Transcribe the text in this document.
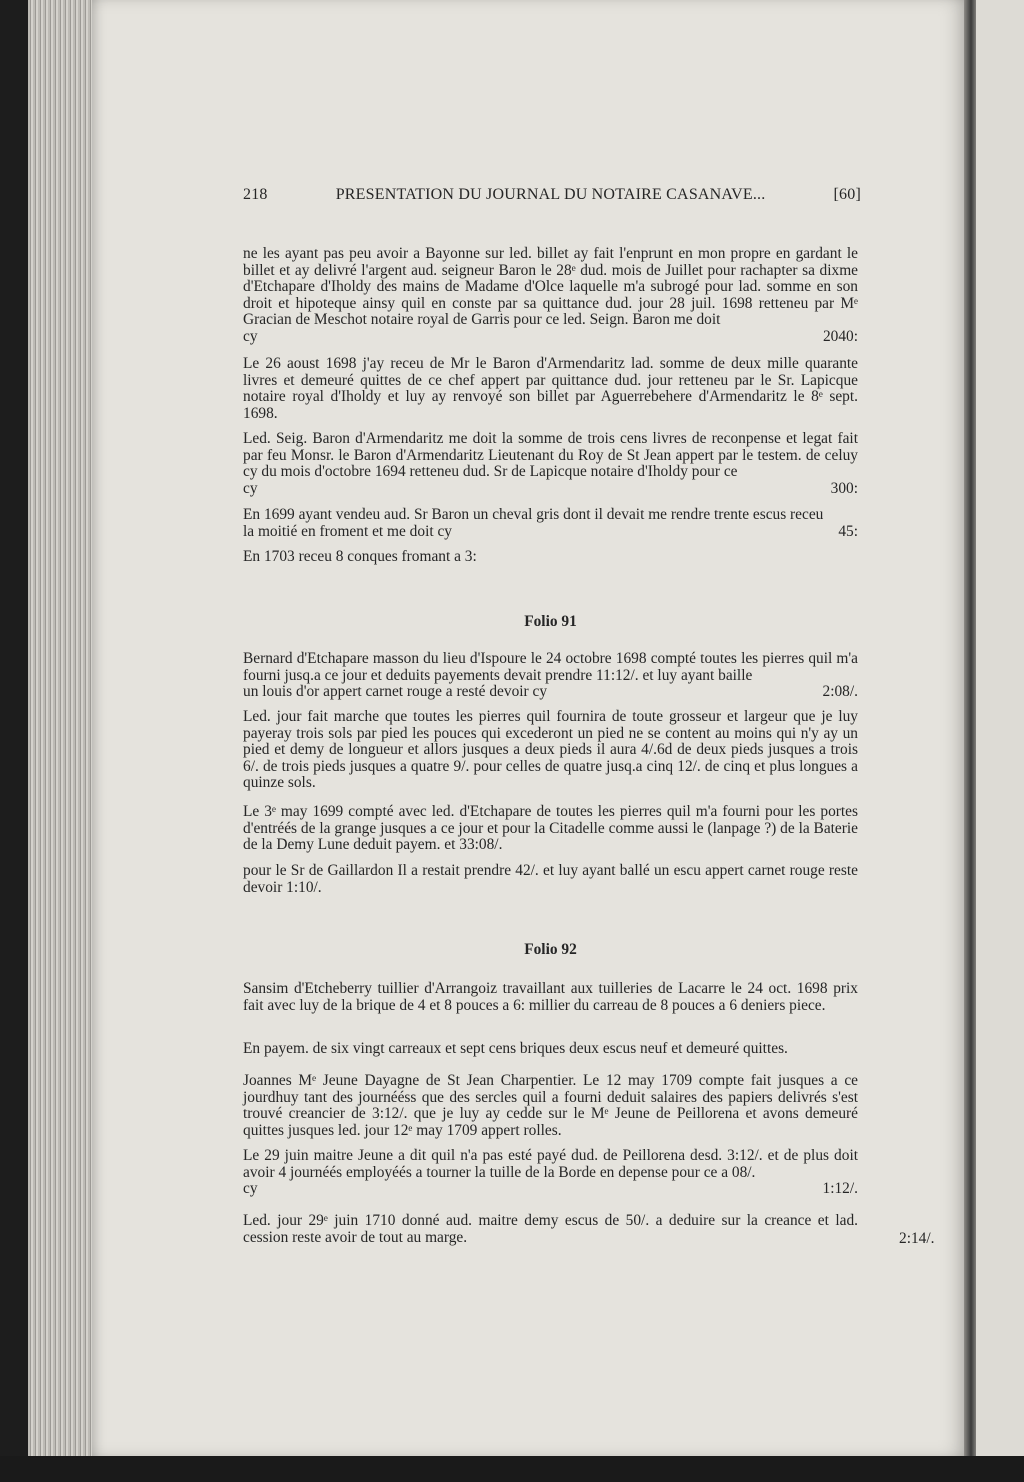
218	PRESENTATION DU JOURNAL DU NOTAIRE CASANAVE...	[60]
ne les ayant pas peu avoir a Bayonne sur led. billet ay fait l'enprunt en mon propre en gardant le billet et ay delivré l'argent aud. seigneur Baron le 28ᵉ dud. mois de Juillet pour rachapter sa dixme d'Etchapare d'Iholdy des mains de Madame d'Olce laquelle m'a subrogé pour lad. somme en son droit et hipoteque ainsy quil en conste par sa quittance dud. jour 28 juil. 1698 retteneu par Mᵉ Gracian de Meschot notaire royal de Garris pour ce led. Seign. Baron me doit
cy	2040:
Le 26 aoust 1698 j'ay receu de Mr le Baron d'Armendaritz lad. somme de deux mille quarante livres et demeuré quittes de ce chef appert par quittance dud. jour retteneu par le Sr. Lapicque notaire royal d'Iholdy et luy ay renvoyé son billet par Aguerrebehere d'Armendaritz le 8ᵉ sept. 1698.
Led. Seig. Baron d'Armendaritz me doit la somme de trois cens livres de reconpense et legat fait par feu Monsr. le Baron d'Armendaritz Lieutenant du Roy de St Jean appert par le testem. de celuy cy du mois d'octobre 1694 retteneu dud. Sr de Lapicque notaire d'Iholdy pour ce
cy	300:
En 1699 ayant vendeu aud. Sr Baron un cheval gris dont il devait me rendre trente escus receu
la moitié en froment et me doit cy	45:
En 1703 receu 8 conques fromant a 3:
Folio 91
Bernard d'Etchapare masson du lieu d'Ispoure le 24 octobre 1698 compté toutes les pierres quil m'a fourni jusq.a ce jour et deduits payements devait prendre 11:12/. et luy ayant baille
un louis d'or appert carnet rouge a resté devoir cy	2:08/.
Led. jour fait marche que toutes les pierres quil fournira de toute grosseur et largeur que je luy payeray trois sols par pied les pouces qui excederont un pied ne se content au moins qui n'y ay un pied et demy de longueur et allors jusques a deux pieds il aura 4/.6d de deux pieds jusques a trois 6/. de trois pieds jusques a quatre 9/. pour celles de quatre jusq.a cinq 12/. de cinq et plus longues a quinze sols.
Le 3ᵉ may 1699 compté avec led. d'Etchapare de toutes les pierres quil m'a fourni pour les portes d'entréés de la grange jusques a ce jour et pour la Citadelle comme aussi le (lanpage ?) de la Baterie de la Demy Lune deduit payem. et 33:08/.
pour le Sr de Gaillardon Il a restait prendre 42/. et luy ayant ballé un escu appert carnet rouge reste devoir 1:10/.
Folio 92
Sansim d'Etcheberry tuillier d'Arrangoiz travaillant aux tuilleries de Lacarre le 24 oct. 1698 prix fait avec luy de la brique de 4 et 8 pouces a 6: millier du carreau de 8 pouces a 6 deniers piece.
En payem. de six vingt carreaux et sept cens briques deux escus neuf et demeuré quittes.
Joannes Mᵉ Jeune Dayagne de St Jean Charpentier. Le 12 may 1709 compte fait jusques a ce jourdhuy tant des journééss que des sercles quil a fourni deduit salaires des papiers delivrés s'est trouvé creancier de 3:12/. que je luy ay cedde sur le Mᵉ Jeune de Peillorena et avons demeuré quittes jusques led. jour 12ᵉ may 1709 appert rolles.
Le 29 juin maitre Jeune a dit quil n'a pas esté payé dud. de Peillorena desd. 3:12/. et de plus doit avoir 4 journéés employéés a tourner la tuille de la Borde en depense pour ce a 08/.
cy	1:12/.
Led. jour 29ᵉ juin 1710 donné aud. maitre demy escus de 50/. a deduire sur la creance et lad. cession reste avoir de tout au marge.	2:14/.
